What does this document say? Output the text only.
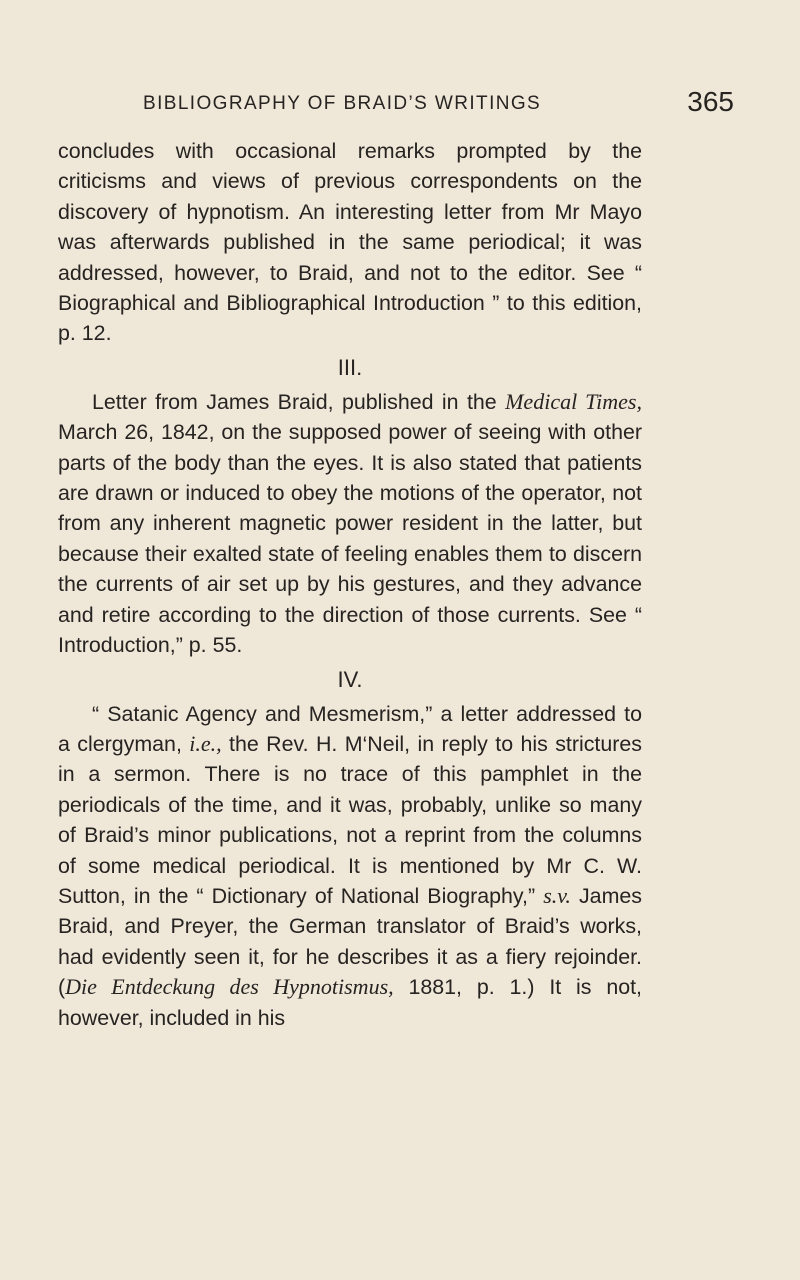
BIBLIOGRAPHY OF BRAID’S WRITINGS	365

concludes with occasional remarks prompted by the criticisms and views of previous correspondents on the discovery of hypnotism. An interesting letter from Mr Mayo was afterwards published in the same periodical; it was addressed, however, to Braid, and not to the editor. See “ Biographical and Bibliographical Introduction ” to this edition, p. 12.

III.

Letter from James Braid, published in the Medical Times, March 26, 1842, on the supposed power of seeing with other parts of the body than the eyes. It is also stated that patients are drawn or induced to obey the motions of the operator, not from any inherent magnetic power resident in the latter, but because their exalted state of feeling enables them to discern the currents of air set up by his gestures, and they advance and retire according to the direction of those currents. See “ Introduction,” p. 55.

IV.

“ Satanic Agency and Mesmerism,” a letter addressed to a clergyman, i.e., the Rev. H. M‘Neil, in reply to his strictures in a sermon. There is no trace of this pamphlet in the periodicals of the time, and it was, probably, unlike so many of Braid’s minor publications, not a reprint from the columns of some medical periodical. It is mentioned by Mr C. W. Sutton, in the “ Dictionary of National Biography,” s.v. James Braid, and Preyer, the German translator of Braid’s works, had evidently seen it, for he describes it as a fiery rejoinder. (Die Entdeckung des Hypnotismus, 1881, p. 1.) It is not, however, included in his
